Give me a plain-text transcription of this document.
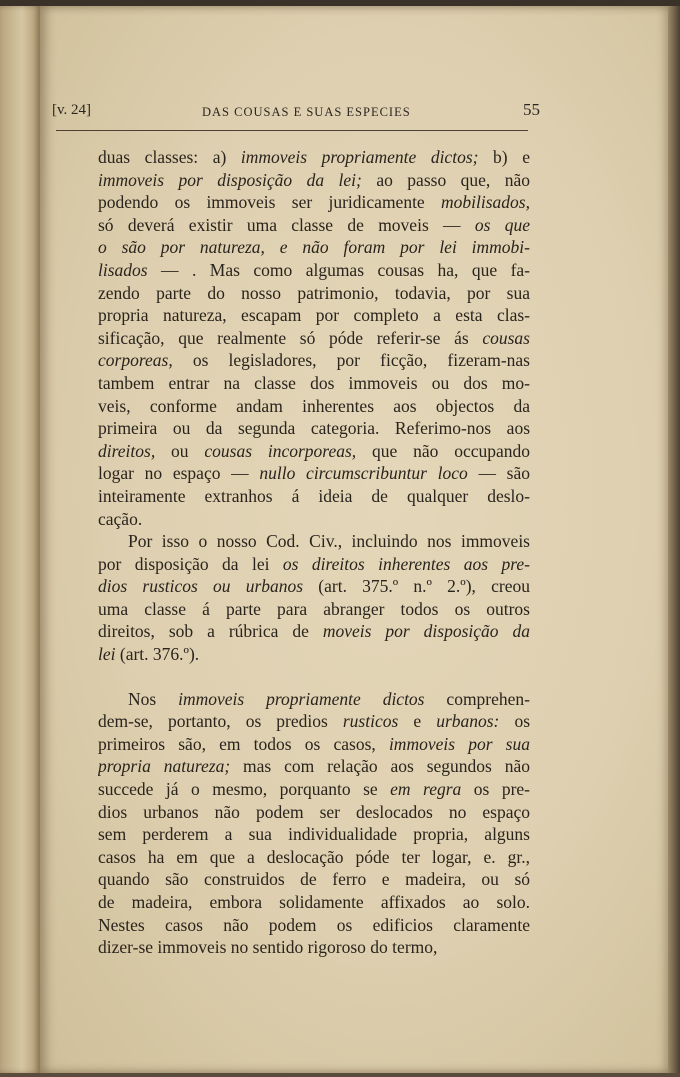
[v. 24]	DAS COUSAS E SUAS ESPECIES	55
duas classes: a) immoveis propriamente dictos; b) e
immoveis por disposição da lei; ao passo que, não
podendo os immoveis ser juridicamente mobilisados,
só deverá existir uma classe de moveis — os que
o são por natureza, e não foram por lei immobi-
lisados — . Mas como algumas cousas ha, que fa-
zendo parte do nosso patrimonio, todavia, por sua
propria natureza, escapam por completo a esta clas-
sificação, que realmente só póde referir-se ás cousas
corporeas, os legisladores, por ficção, fizeram-nas
tambem entrar na classe dos immoveis ou dos mo-
veis, conforme andam inherentes aos objectos da
primeira ou da segunda categoria. Referimo-nos aos
direitos, ou cousas incorporeas, que não occupando
logar no espaço — nullo circumscribuntur loco — são
inteiramente extranhos á ideia de qualquer deslo-
cação.
Por isso o nosso Cod. Civ., incluindo nos immoveis
por disposição da lei os direitos inherentes aos pre-
dios rusticos ou urbanos (art. 375.º n.º 2.º), creou
uma classe á parte para abranger todos os outros
direitos, sob a rúbrica de moveis por disposição da
lei (art. 376.º).
Nos immoveis propriamente dictos comprehen-
dem-se, portanto, os predios rusticos e urbanos: os
primeiros são, em todos os casos, immoveis por sua
propria natureza; mas com relação aos segundos não
succede já o mesmo, porquanto se em regra os pre-
dios urbanos não podem ser deslocados no espaço
sem perderem a sua individualidade propria, alguns
casos ha em que a deslocação póde ter logar, e. gr.,
quando são construidos de ferro e madeira, ou só
de madeira, embora solidamente affixados ao solo.
Nestes casos não podem os edificios claramente
dizer-se immoveis no sentido rigoroso do termo,
